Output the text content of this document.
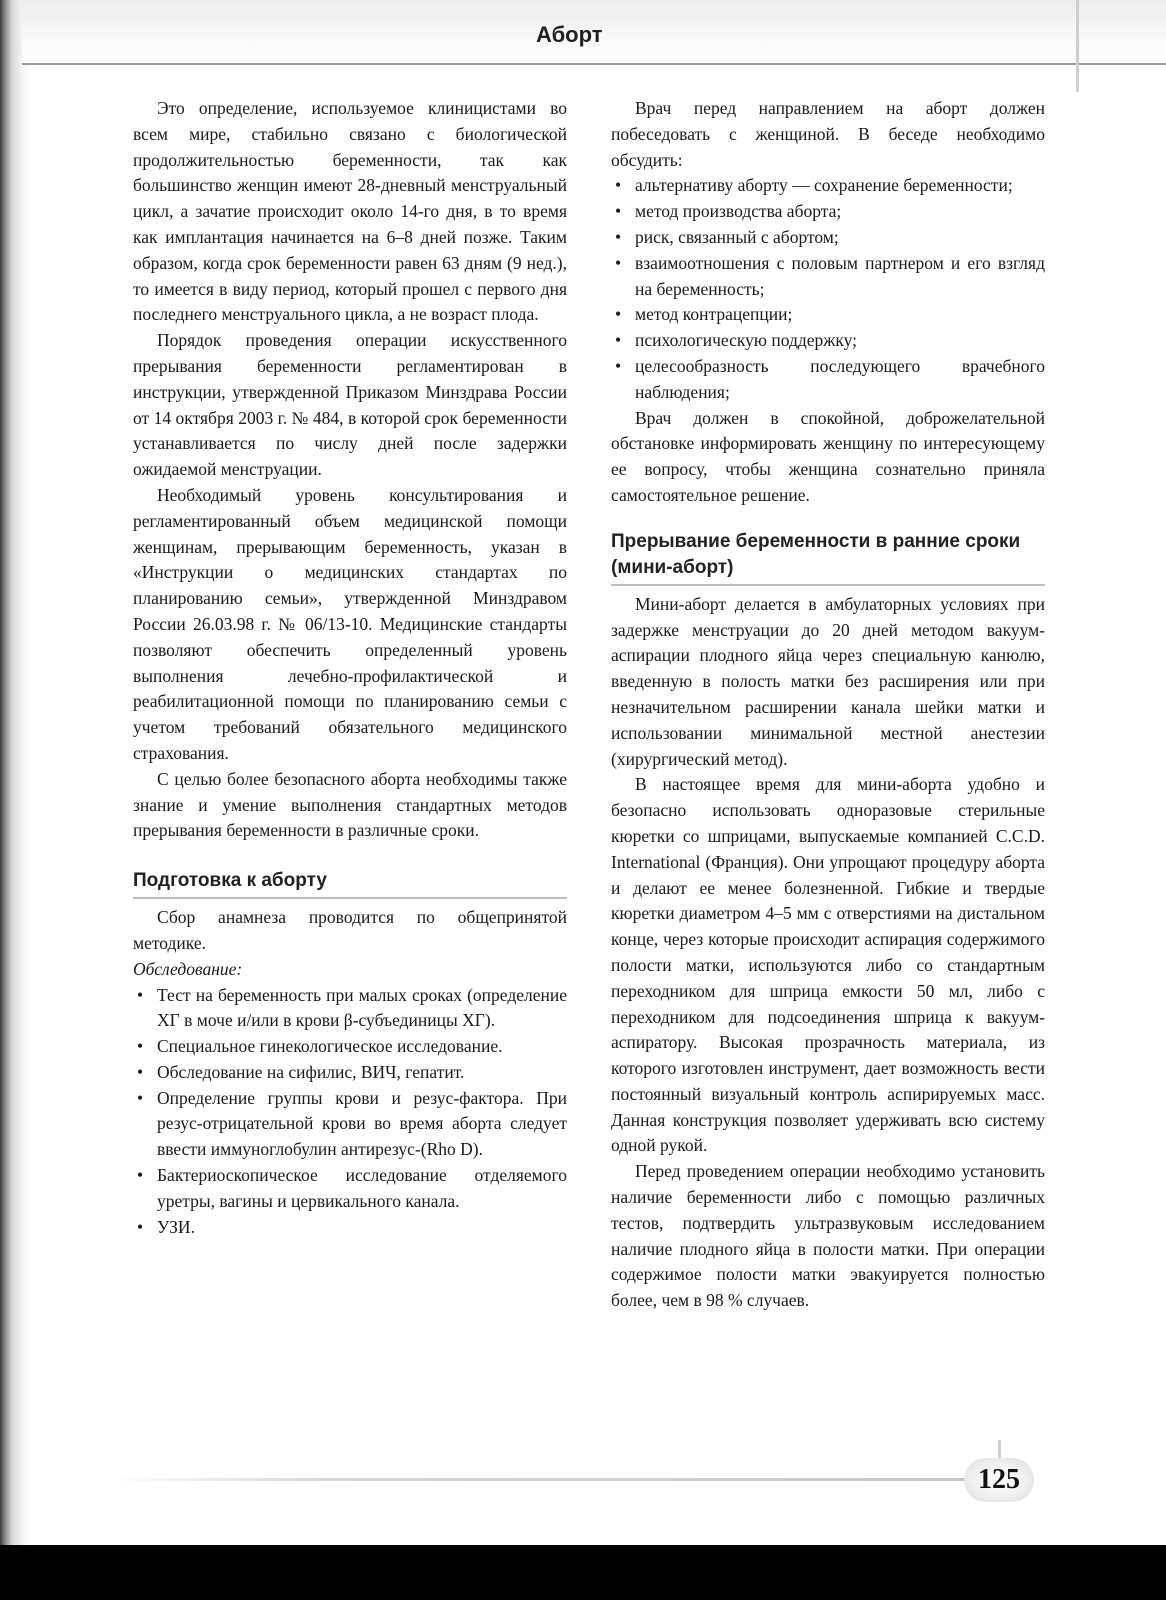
Аборт

Это определение, используемое клиницистами во всем мире, стабильно связано с биологической продолжительностью беременности, так как большинство женщин имеют 28-дневный менструальный цикл, а зачатие происходит около 14-го дня, в то время как имплантация начинается на 6–8 дней позже. Таким образом, когда срок беременности равен 63 дням (9 нед.), то имеется в виду период, который прошел с первого дня последнего менструального цикла, а не возраст плода.

Порядок проведения операции искусственного прерывания беременности регламентирован в инструкции, утвержденной Приказом Минздрава России от 14 октября 2003 г. № 484, в которой срок беременности устанавливается по числу дней после задержки ожидаемой менструации.

Необходимый уровень консультирования и регламентированный объем медицинской помощи женщинам, прерывающим беременность, указан в «Инструкции о медицинских стандартах по планированию семьи», утвержденной Минздравом России 26.03.98 г. № 06/13-10. Медицинские стандарты позволяют обеспечить определенный уровень выполнения лечебно-профилактической и реабилитационной помощи по планированию семьи с учетом требований обязательного медицинского страхования.

С целью более безопасного аборта необходимы также знание и умение выполнения стандартных методов прерывания беременности в различные сроки.

Подготовка к аборту

Сбор анамнеза проводится по общепринятой методике.

Обследование:

• Тест на беременность при малых сроках (определение ХГ в моче и/или в крови β-субъединицы ХГ).
• Специальное гинекологическое исследование.
• Обследование на сифилис, ВИЧ, гепатит.
• Определение группы крови и резус-фактора. При резус-отрицательной крови во время аборта следует ввести иммуноглобулин антирезус-(Rho D).
• Бактериоскопическое исследование отделяемого уретры, вагины и цервикального канала.
• УЗИ.

Врач перед направлением на аборт должен побеседовать с женщиной. В беседе необходимо обсудить:

• альтернативу аборту — сохранение беременности;
• метод производства аборта;
• риск, связанный с абортом;
• взаимоотношения с половым партнером и его взгляд на беременность;
• метод контрацепции;
• психологическую поддержку;
• целесообразность последующего врачебного наблюдения;

Врач должен в спокойной, доброжелательной обстановке информировать женщину по интересующему ее вопросу, чтобы женщина сознательно приняла самостоятельное решение.

Прерывание беременности в ранние сроки (мини-аборт)

Мини-аборт делается в амбулаторных условиях при задержке менструации до 20 дней методом вакуум-аспирации плодного яйца через специальную канюлю, введенную в полость матки без расширения или при незначительном расширении канала шейки матки и использовании минимальной местной анестезии (хирургический метод).

В настоящее время для мини-аборта удобно и безопасно использовать одноразовые стерильные кюретки со шприцами, выпускаемые компанией C.C.D. International (Франция). Они упрощают процедуру аборта и делают ее менее болезненной. Гибкие и твердые кюретки диаметром 4–5 мм с отверстиями на дистальном конце, через которые происходит аспирация содержимого полости матки, используются либо со стандартным переходником для шприца емкости 50 мл, либо с переходником для подсоединения шприца к вакуум-аспиратору. Высокая прозрачность материала, из которого изготовлен инструмент, дает возможность вести постоянный визуальный контроль аспирируемых масс. Данная конструкция позволяет удерживать всю систему одной рукой.

Перед проведением операции необходимо установить наличие беременности либо с помощью различных тестов, подтвердить ультразвуковым исследованием наличие плодного яйца в полости матки. При операции содержимое полости матки эвакуируется полностью более, чем в 98 % случаев.

125
